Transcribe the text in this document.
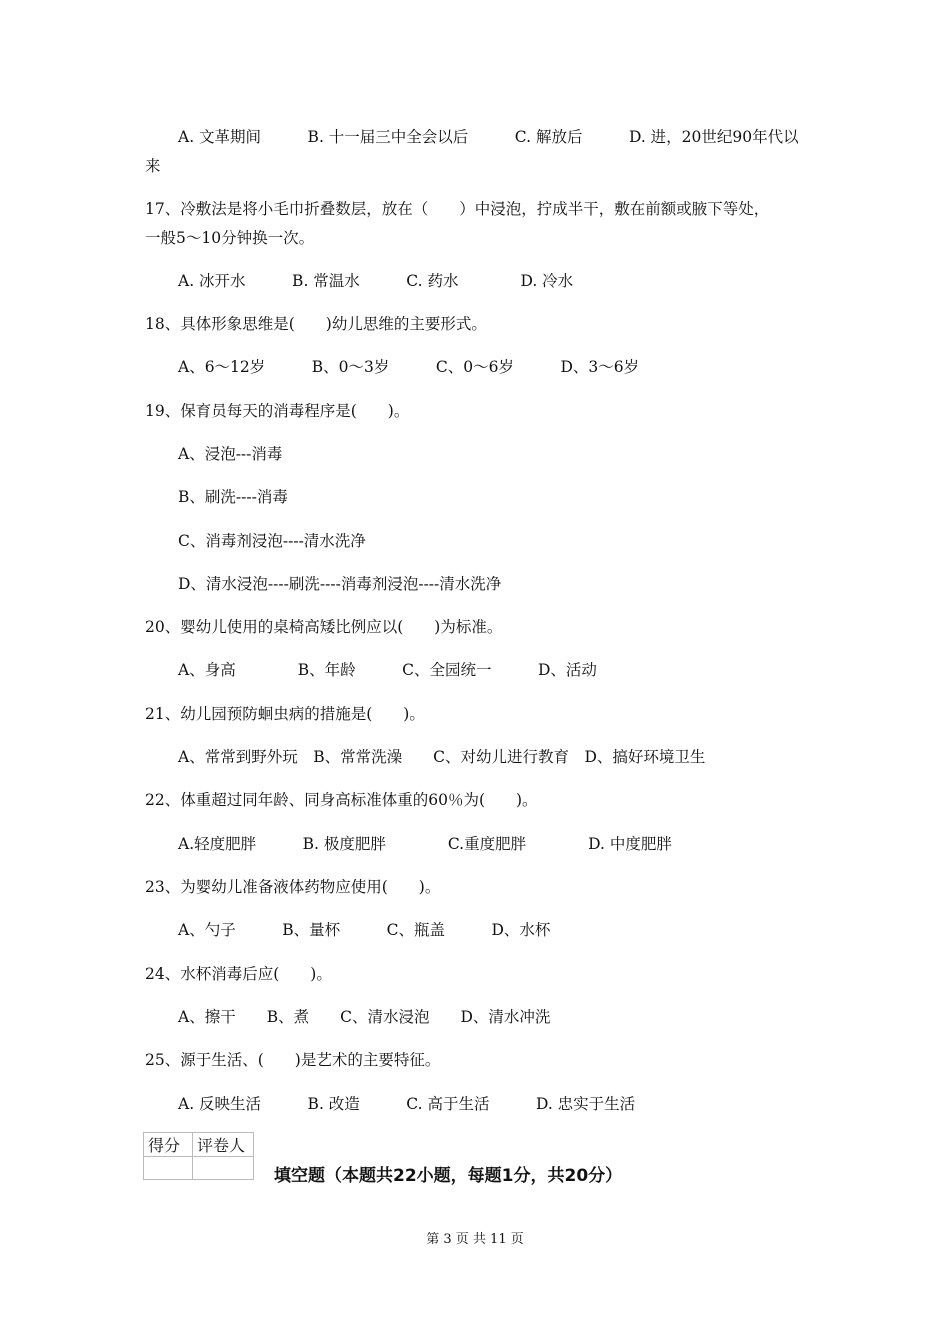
A. 文革期间　　　B. 十一届三中全会以后　　　C. 解放后　　　D. 进，20世纪90年代以
来
17、冷敷法是将小毛巾折叠数层，放在（　　）中浸泡，拧成半干，敷在前额或腋下等处，
一般5～10分钟换一次。
A. 冰开水　　　B. 常温水　　　C. 药水　　　　D. 冷水
18、具体形象思维是(　　)幼儿思维的主要形式。
A、6～12岁　　　B、0～3岁　　　C、0～6岁　　　D、3～6岁
19、保育员每天的消毒程序是(　　)。
A、浸泡---消毒
B、刷洗----消毒
C、消毒剂浸泡----清水洗净
D、清水浸泡----刷洗----消毒剂浸泡----清水洗净
20、婴幼儿使用的桌椅高矮比例应以(　　)为标准。
A、身高　　　　B、年龄　　　C、全园统一　　　D、活动
21、幼儿园预防蛔虫病的措施是(　　)。
A、常常到野外玩　B、常常洗澡　　C、对幼儿进行教育　D、搞好环境卫生
22、体重超过同年龄、同身高标准体重的60％为(　　)。
A.轻度肥胖　　　B. 极度肥胖　　　　C.重度肥胖　　　　D. 中度肥胖
23、为婴幼儿准备液体药物应使用(　　)。
A、勺子　　　B、量杯　　　C、瓶盖　　　D、水杯
24、水杯消毒后应(　　)。
A、擦干　　B、煮　　C、清水浸泡　　D、清水冲洗
25、源于生活、(　　)是艺术的主要特征。
A. 反映生活　　　B. 改造　　　C. 高于生活　　　D. 忠实于生活
得分	评卷人

填空题（本题共22小题，每题1分，共20分）
第 3 页 共 11 页
